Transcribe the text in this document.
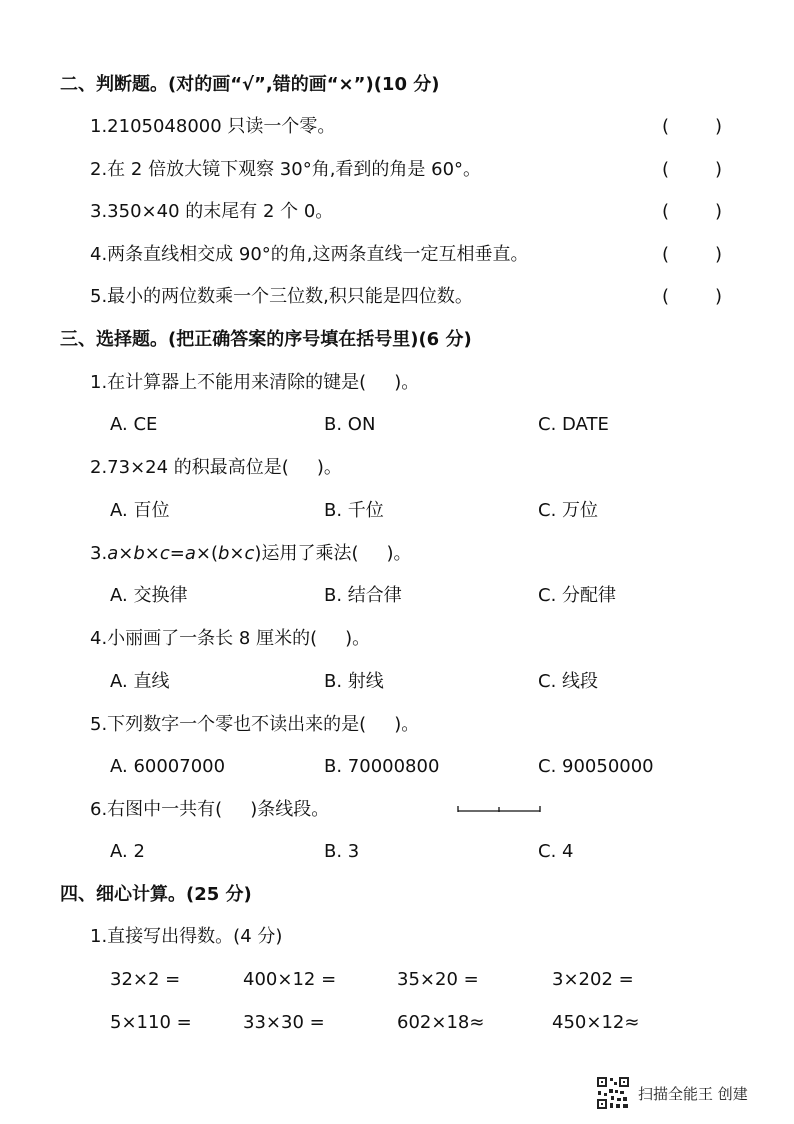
二、判断题。(对的画“√”,错的画“×”)(10 分)
1.2105048000 只读一个零。	(	)
2.在 2 倍放大镜下观察 30°角,看到的角是 60°。	(	)
3.350×40 的末尾有 2 个 0。	(	)
4.两条直线相交成 90°的角,这两条直线一定互相垂直。	(	)
5.最小的两位数乘一个三位数,积只能是四位数。	(	)
三、选择题。(把正确答案的序号填在括号里)(6 分)
1.在计算器上不能用来清除的键是( )。
A. CE	B. ON	C. DATE
2.73×24 的积最高位是( )。
A. 百位	B. 千位	C. 万位
3.a×b×c=a×(b×c)运用了乘法( )。
A. 交换律	B. 结合律	C. 分配律
4.小丽画了一条长 8 厘米的( )。
A. 直线	B. 射线	C. 线段
5.下列数字一个零也不读出来的是( )。
A. 60007000	B. 70000800	C. 90050000
6.右图中一共有( )条线段。
A. 2	B. 3	C. 4
四、细心计算。(25 分)
1.直接写出得数。(4 分)
32×2 =	400×12 =	35×20 =	3×202 =
5×110 =	33×30 =	602×18≈	450×12≈
扫描全能王 创建
